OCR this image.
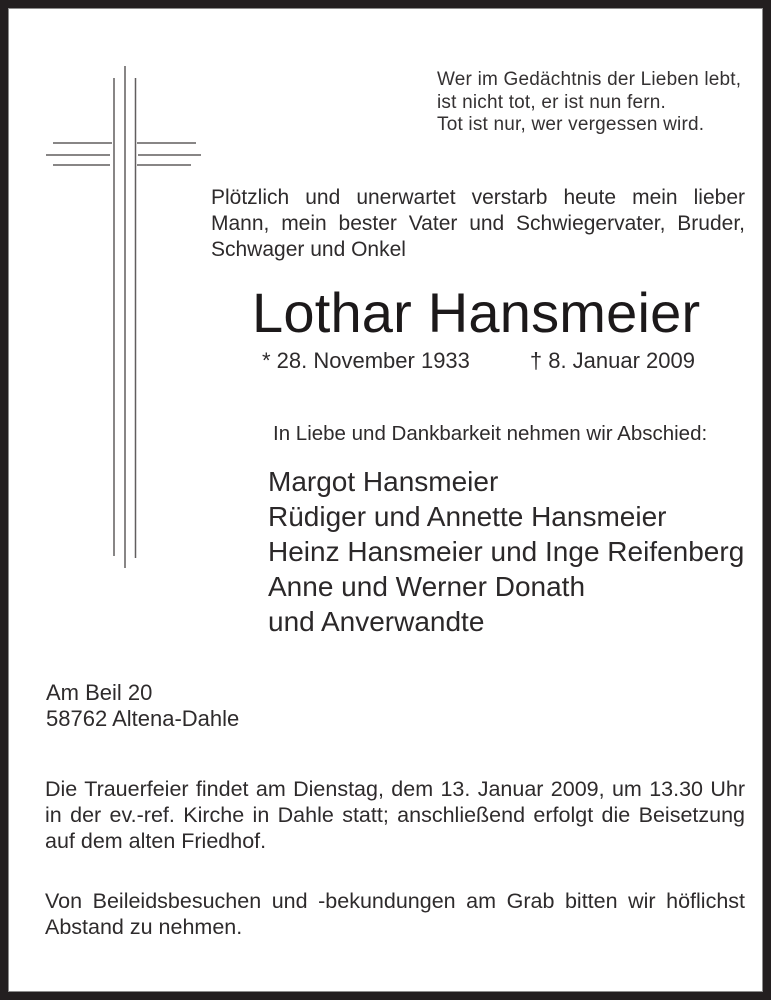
Wer im Gedächtnis der Lieben lebt,
ist nicht tot, er ist nun fern.
Tot ist nur, wer vergessen wird.
Plötzlich und unerwartet verstarb heute mein lieber
Mann, mein bester Vater und Schwiegervater, Bruder,
Schwager und Onkel
Lothar Hansmeier
* 28. November 1933	† 8. Januar 2009
In Liebe und Dankbarkeit nehmen wir Abschied:
Margot Hansmeier
Rüdiger und Annette Hansmeier
Heinz Hansmeier und Inge Reifenberg
Anne und Werner Donath
und Anverwandte
Am Beil 20
58762 Altena-Dahle
Die Trauerfeier findet am Dienstag, dem 13. Januar 2009, um 13.30 Uhr
in der ev.-ref. Kirche in Dahle statt; anschließend erfolgt die Beisetzung
auf dem alten Friedhof.
Von Beileidsbesuchen und -bekundungen am Grab bitten wir höflichst
Abstand zu nehmen.
